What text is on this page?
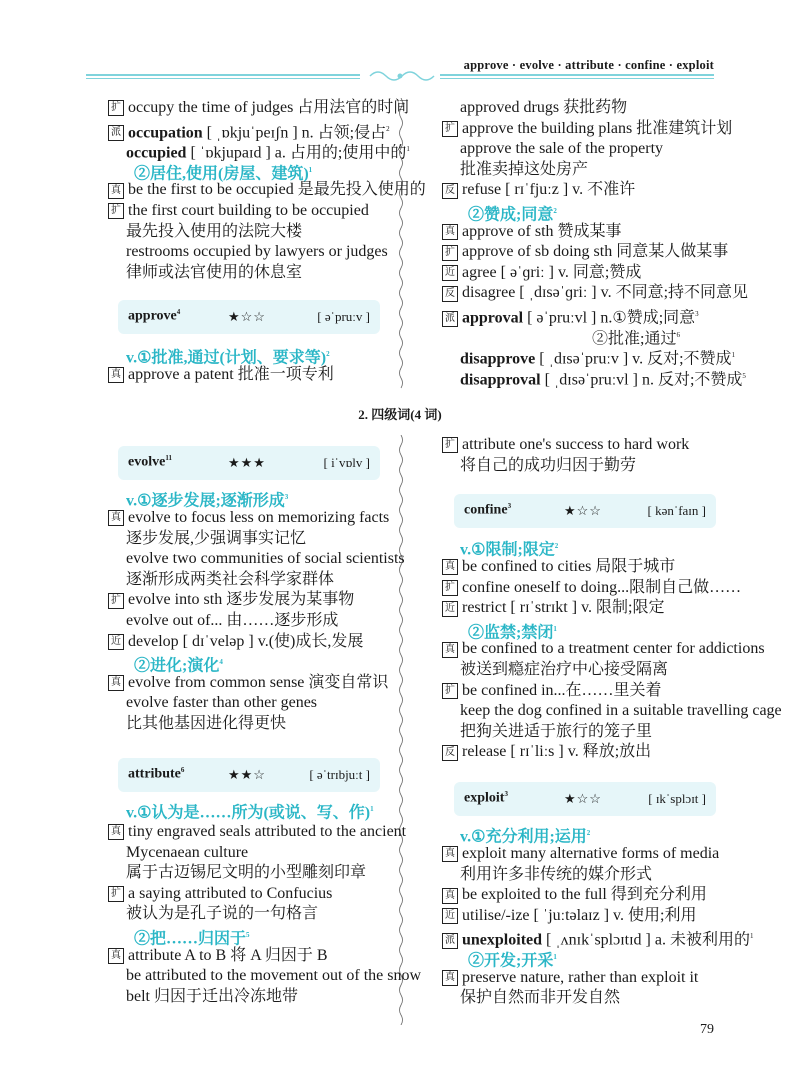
approve · evolve · attribute · confine · exploit
approve$^4$	★☆☆	[ əˈpruːv ]
v.①批准,通过(计划、要求等)$^2$
真 approve a patent 批准一项专利
2. 四级词(4 词)
evolve$^{11}$	★★★	[ iˈvɒlv ]
v.①逐步发展;逐渐形成$^3$
attribute$^6$	★★☆	[ əˈtrɪbjuːt ]
v.①认为是……所为(或说、写、作)$^1$
confine$^3$	★☆☆	[ kənˈfaɪn ]
v.①限制;限定$^2$
exploit$^3$	★☆☆	[ ɪkˈsplɔɪt ]
v.①充分利用;运用$^2$
79
扩 occupy the time of judges 占用法官的时间
派 occupation [ ˌɒkjuˈpeɪʃn ] n. 占领;侵占$^2$
occupied [ ˈɒkjupaɪd ] a. 占用的;使用中的$^1$
②居住,使用(房屋、建筑)$^1$
真 be the first to be occupied 是最先投入使用的
扩 the first court building to be occupied
最先投入使用的法院大楼
restrooms occupied by lawyers or judges
律师或法官使用的休息室
approved drugs 获批药物
扩 approve the building plans 批准建筑计划
approve the sale of the property
批准卖掉这处房产
反 refuse [ rɪˈfjuːz ] v. 不准许
②赞成;同意$^2$
真 approve of sth 赞成某事
扩 approve of sb doing sth 同意某人做某事
近 agree [ əˈɡriː ] v. 同意;赞成
反 disagree [ ˌdɪsəˈɡriː ] v. 不同意;持不同意见
派 approval [ əˈpruːvl ] n.①赞成;同意$^3$
②批准;通过$^6$
disapprove [ ˌdɪsəˈpruːv ] v. 反对;不赞成$^1$
disapproval [ ˌdɪsəˈpruːvl ] n. 反对;不赞成$^5$
真 evolve to focus less on memorizing facts
逐步发展,少强调事实记忆
evolve two communities of social scientists
逐渐形成两类社会科学家群体
扩 evolve into sth 逐步发展为某事物
evolve out of... 由……逐步形成
近 develop [ dɪˈveləp ] v.(使)成长,发展
②进化;演化$^4$
真 evolve from common sense 演变自常识
evolve faster than other genes
比其他基因进化得更快
真 tiny engraved seals attributed to the ancient
Mycenaean culture
属于古迈锡尼文明的小型雕刻印章
扩 a saying attributed to Confucius
被认为是孔子说的一句格言
②把……归因于$^5$
真 attribute A to B 将 A 归因于 B
be attributed to the movement out of the snow
belt 归因于迁出冷冻地带
扩 attribute one's success to hard work
将自己的成功归因于勤劳
真 be confined to cities 局限于城市
扩 confine oneself to doing...限制自己做……
近 restrict [ rɪˈstrɪkt ] v. 限制;限定
②监禁;禁闭$^1$
真 be confined to a treatment center for addictions
被送到瘾症治疗中心接受隔离
扩 be confined in...在……里关着
keep the dog confined in a suitable travelling cage
把狗关进适于旅行的笼子里
反 release [ rɪˈliːs ] v. 释放;放出
真 exploit many alternative forms of media
利用许多非传统的媒介形式
真 be exploited to the full 得到充分利用
近 utilise/-ize [ ˈjuːtəlaɪz ] v. 使用;利用
派 unexploited [ ˌʌnɪkˈsplɔɪtɪd ] a. 未被利用的$^1$
②开发;开采$^1$
真 preserve nature, rather than exploit it
保护自然而非开发自然
